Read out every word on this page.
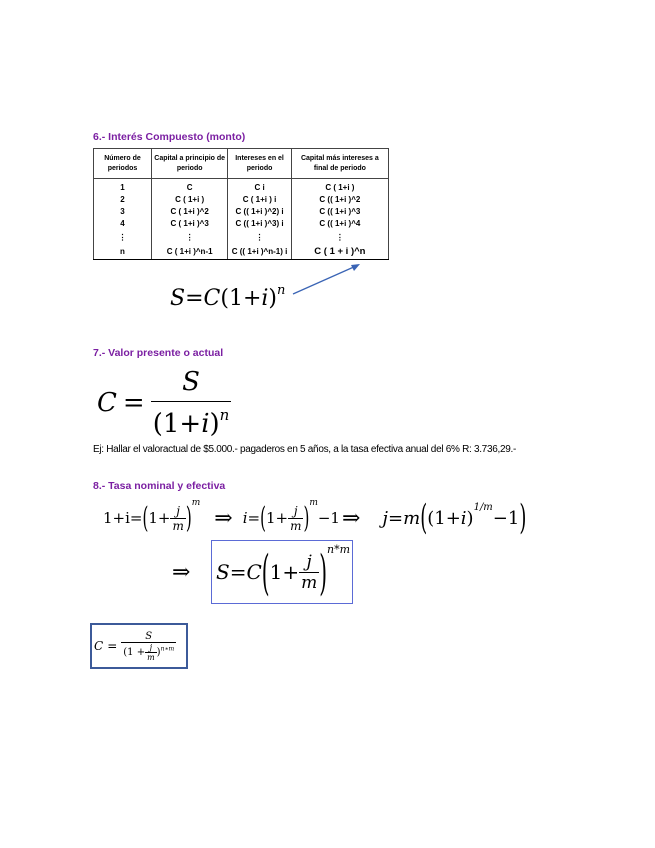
6.- Interés Compuesto (monto)
Número de periodos	Capital a principio de periodo	Intereses en el periodo	Capital más intereses a final de periodo
1	C	C i	C ( 1+i )
2	C ( 1+i )	C ( 1+i ) i	C (( 1+i )^2
3	C ( 1+i )^2	C (( 1+i )^2) i	C (( 1+i )^3
4	C ( 1+i )^3	C (( 1+i )^3) i	C (( 1+i )^4
⋮	⋮	⋮	⋮
n	C ( 1+i )^n-1	C (( 1+i )^n-1) i	C ( 1 + i )^n
$S=C(1+i)^n$
7.- Valor presente o actual
$C = \frac{S}{(1+i)^n}$
Ej: Hallar el valoractual de $5.000.- pagaderos en 5 años, a la tasa efectiva anual del 6% R: 3.736,29.-
8.- Tasa nominal y efectiva
1+i= ( $1+ \frac{j}{m} )^m$
⇒ i= ( $1+ \frac{j}{m} )^m$
−1 ⇒ j = m ( (1+ i )$^{1/m}$ −1 )
⇒ S = C ( $1+ \frac{j}{m} )^{n*m}$
$C = \frac{S}{(1 + \frac{j}{m} )^{n∗m}}$
